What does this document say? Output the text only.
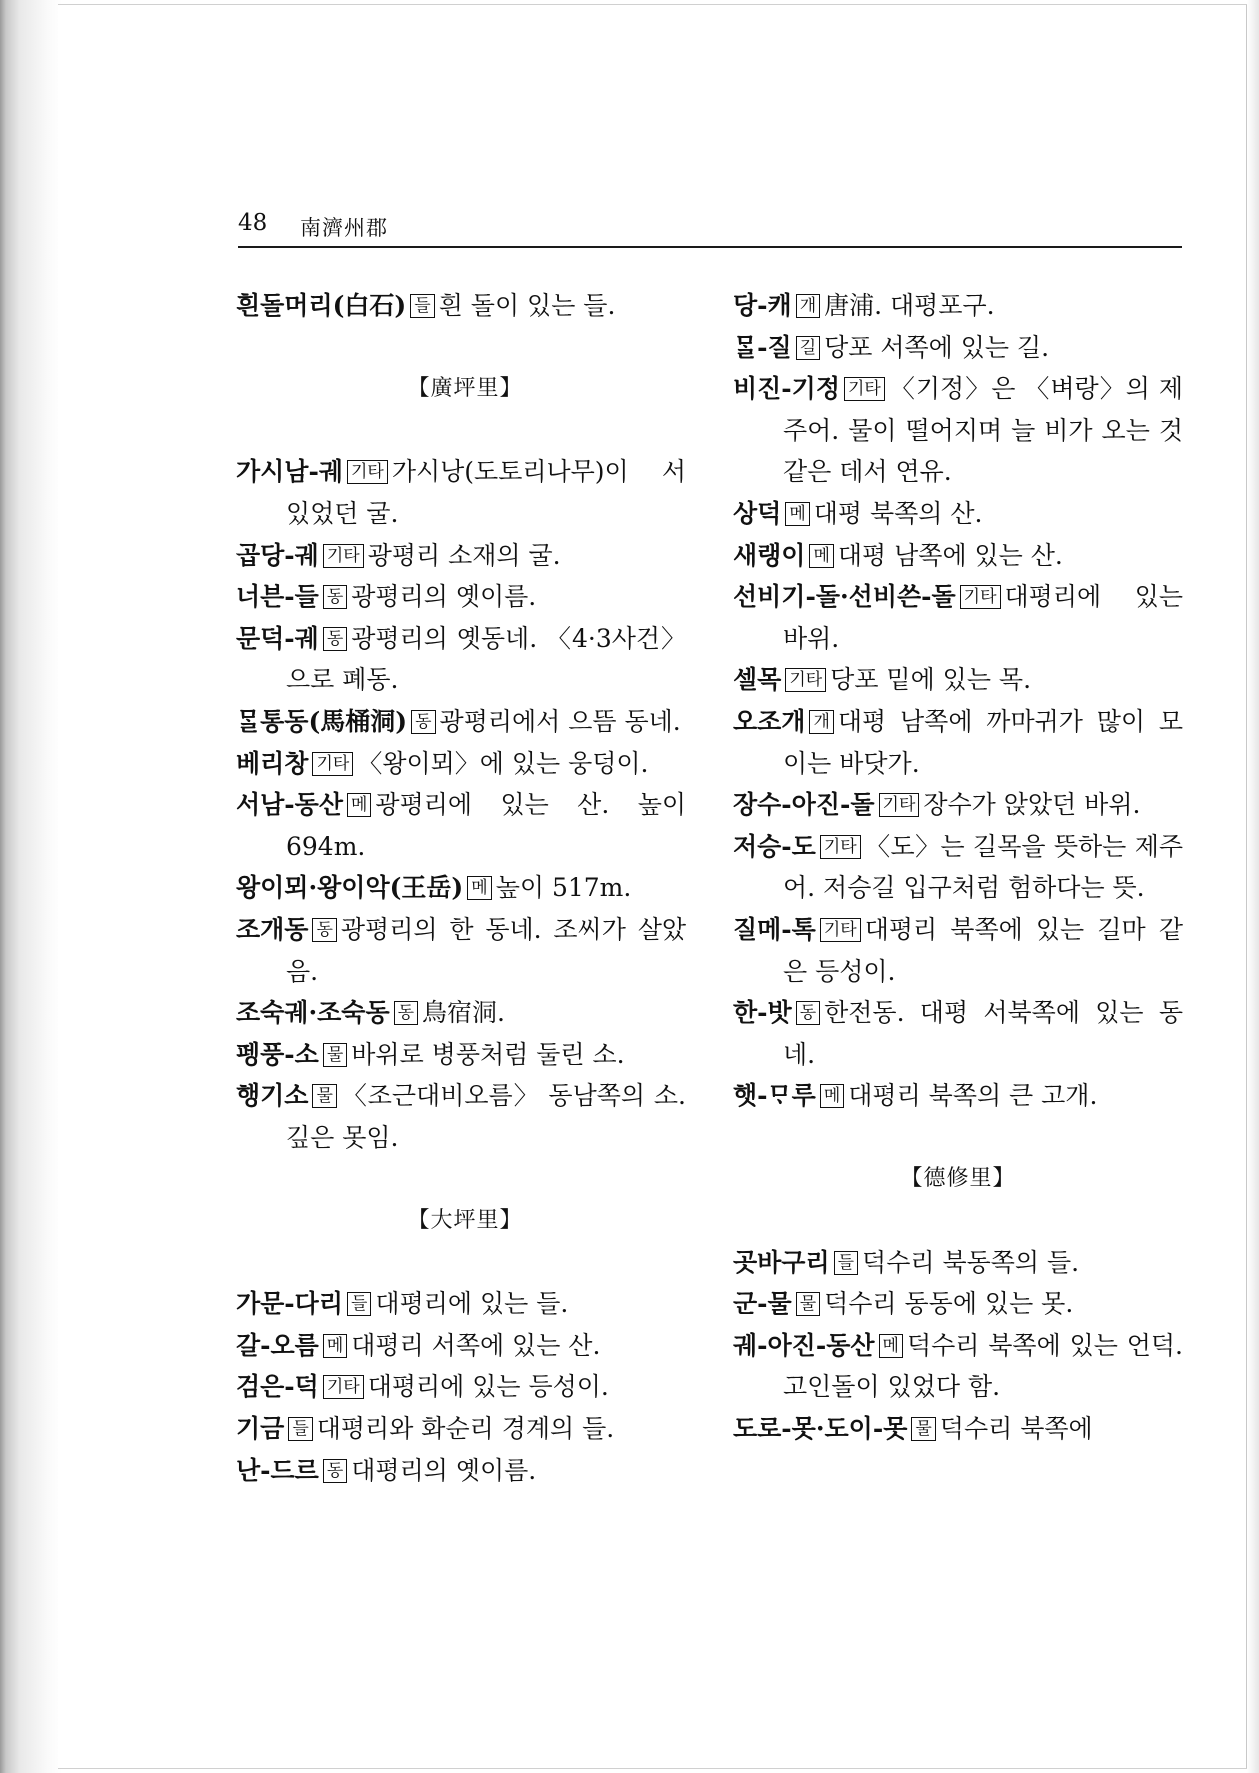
48 南濟州郡

흰돌머리(白石) 들 흰 돌이 있는 들.

【廣坪里】

가시남-궤 기타 가시낭(도토리나무)이 서 있었던 굴.

곱당-궤 기타 광평리 소재의 굴.

너븐-들 동 광평리의 옛이름.

문덕-궤 동 광평리의 옛동네. 〈4·3사건〉으로 폐동.

ᄆᆞᆯ통동(馬桶洞) 동 광평리에서 으뜸 동네.

베리창 기타 〈왕이뫼〉에 있는 웅덩이.

서남-동산 메 광평리에 있는 산. 높이 694m.

왕이뫼·왕이악(王岳) 메 높이 517m.

조개동 동 광평리의 한 동네. 조씨가 살았음.

조숙궤·조숙동 동 鳥宿洞.

펭풍-소 물 바위로 병풍처럼 둘린 소.

행기소 물 〈조근대비오름〉 동남쪽의 소. 깊은 못임.

【大坪里】

가문-다리 들 대평리에 있는 들.

갈-오름 메 대평리 서쪽에 있는 산.

검은-덕 기타 대평리에 있는 등성이.

기금 들 대평리와 화순리 경계의 들.

난-드르 동 대평리의 옛이름.

당-캐 개 唐浦. 대평포구.

ᄆᆞᆯ-질 길 당포 서쪽에 있는 길.

비진-기정 기타 〈기정〉은 〈벼랑〉의 제주어. 물이 떨어지며 늘 비가 오는 것 같은 데서 연유.

상덕 메 대평 북쪽의 산.

새랭이 메 대평 남쪽에 있는 산.

선비기-돌·선비쓴-돌 기타 대평리에 있는 바위.

셀목 기타 당포 밑에 있는 목.

오조개 개 대평 남쪽에 까마귀가 많이 모이는 바닷가.

장수-아진-돌 기타 장수가 앉았던 바위.

저승-도 기타 〈도〉는 길목을 뜻하는 제주어. 저승길 입구처럼 험하다는 뜻.

질메-톡 기타 대평리 북쪽에 있는 길마 같은 등성이.

한-밧 동 한전동. 대평 서북쪽에 있는 동네.

햇-ᄆᆞ루 메 대평리 북쪽의 큰 고개.

【德修里】

곳바구리 들 덕수리 북동쪽의 들.

군-물 물 덕수리 동동에 있는 못.

궤-아진-동산 메 덕수리 북쪽에 있는 언덕. 고인돌이 있었다 함.

도로-못·도이-못 물 덕수리 북쪽에
